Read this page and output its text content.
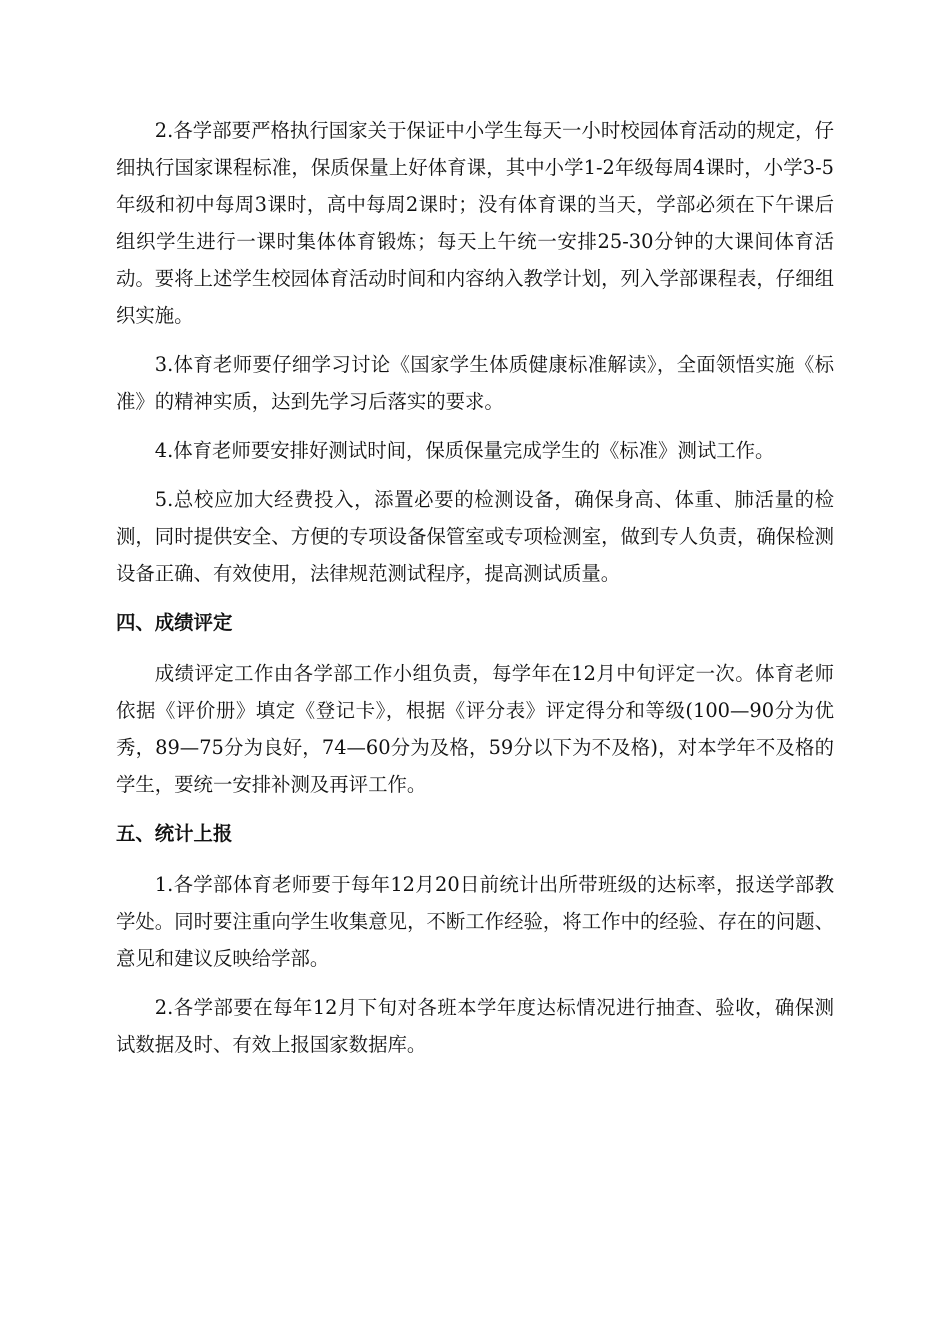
2.各学部要严格执行国家关于保证中小学生每天一小时校园体育活动的规定，仔细执行国家课程标准，保质保量上好体育课，其中小学1-2年级每周4课时，小学3-5年级和初中每周3课时，高中每周2课时；没有体育课的当天，学部必须在下午课后组织学生进行一课时集体体育锻炼；每天上午统一安排25-30分钟的大课间体育活动。要将上述学生校园体育活动时间和内容纳入教学计划，列入学部课程表，仔细组织实施。

3.体育老师要仔细学习讨论《国家学生体质健康标准解读》，全面领悟实施《标准》的精神实质，达到先学习后落实的要求。

4.体育老师要安排好测试时间，保质保量完成学生的《标准》测试工作。

5.总校应加大经费投入，添置必要的检测设备，确保身高、体重、肺活量的检测，同时提供安全、方便的专项设备保管室或专项检测室，做到专人负责，确保检测设备正确、有效使用，法律规范测试程序，提高测试质量。

四、成绩评定

成绩评定工作由各学部工作小组负责，每学年在12月中旬评定一次。体育老师依据《评价册》填定《登记卡》，根据《评分表》评定得分和等级(100—90分为优秀，89—75分为良好，74—60分为及格，59分以下为不及格)，对本学年不及格的学生，要统一安排补测及再评工作。

五、统计上报

1.各学部体育老师要于每年12月20日前统计出所带班级的达标率，报送学部教学处。同时要注重向学生收集意见，不断工作经验，将工作中的经验、存在的问题、意见和建议反映给学部。

2.各学部要在每年12月下旬对各班本学年度达标情况进行抽查、验收，确保测试数据及时、有效上报国家数据库。
